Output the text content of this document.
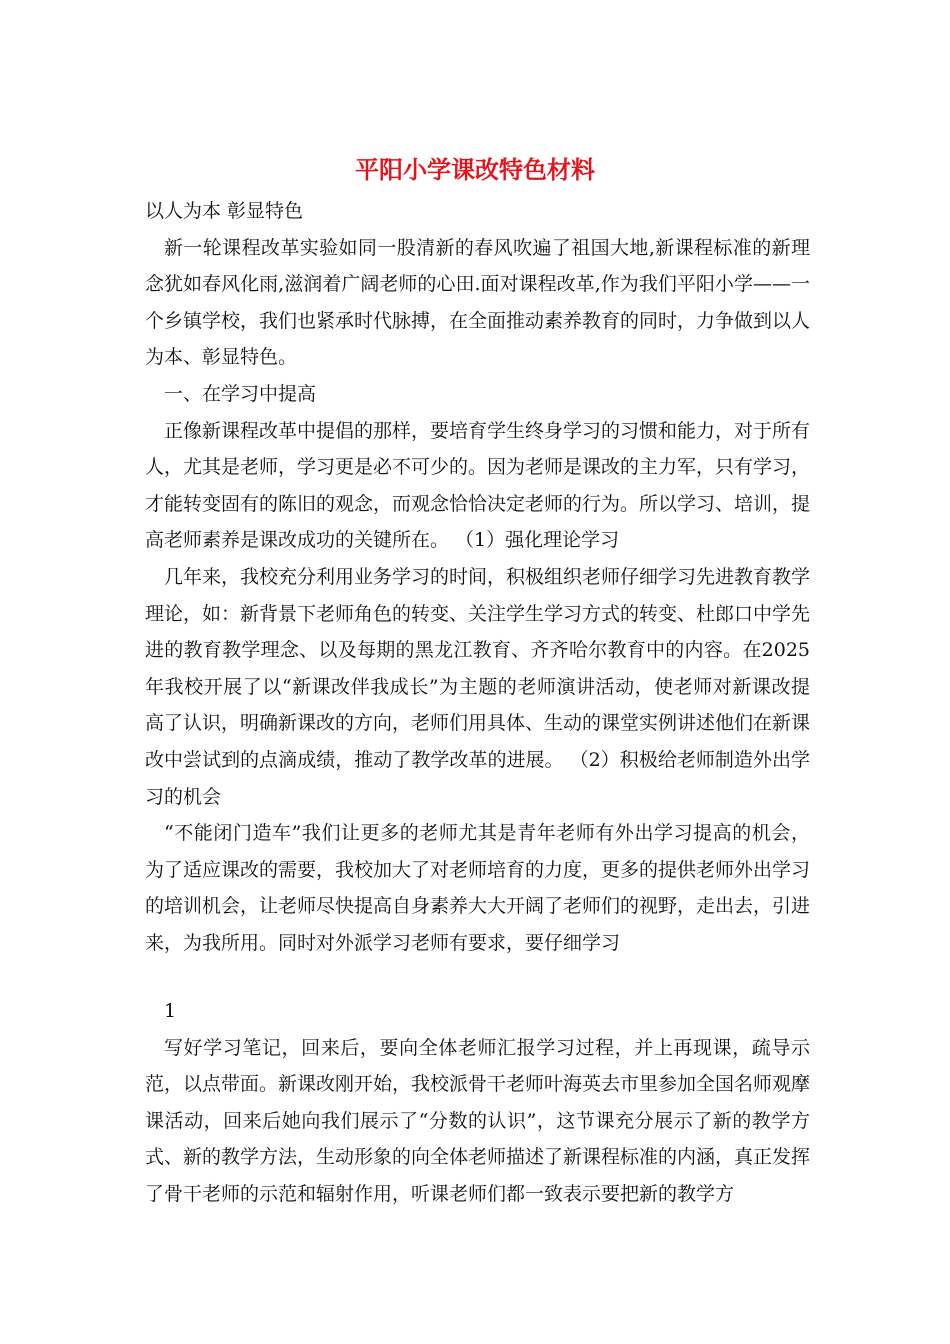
平阳小学课改特色材料

以人为本 彰显特色

新一轮课程改革实验如同一股清新的春风吹遍了祖国大地,新课程标准的新理念犹如春风化雨,滋润着广阔老师的心田.面对课程改革,作为我们平阳小学——一个乡镇学校，我们也紧承时代脉搏，在全面推动素养教育的同时，力争做到以人为本、彰显特色。

一、在学习中提高

正像新课程改革中提倡的那样，要培育学生终身学习的习惯和能力，对于所有人，尤其是老师，学习更是必不可少的。因为老师是课改的主力军，只有学习，才能转变固有的陈旧的观念，而观念恰恰决定老师的行为。所以学习、培训，提高老师素养是课改成功的关键所在。 （1）强化理论学习

几年来，我校充分利用业务学习的时间，积极组织老师仔细学习先进教育教学理论，如：新背景下老师角色的转变、关注学生学习方式的转变、杜郎口中学先进的教育教学理念、以及每期的黑龙江教育、齐齐哈尔教育中的内容。在2025年我校开展了以“新课改伴我成长”为主题的老师演讲活动，使老师对新课改提高了认识，明确新课改的方向，老师们用具体、生动的课堂实例讲述他们在新课改中尝试到的点滴成绩，推动了教学改革的进展。 （2）积极给老师制造外出学习的机会

“不能闭门造车”我们让更多的老师尤其是青年老师有外出学习提高的机会，为了适应课改的需要，我校加大了对老师培育的力度，更多的提供老师外出学习的培训机会，让老师尽快提高自身素养大大开阔了老师们的视野，走出去，引进来，为我所用。同时对外派学习老师有要求，要仔细学习

1

写好学习笔记，回来后，要向全体老师汇报学习过程，并上再现课，疏导示范，以点带面。新课改刚开始，我校派骨干老师叶海英去市里参加全国名师观摩课活动，回来后她向我们展示了“分数的认识”，这节课充分展示了新的教学方式、新的教学方法，生动形象的向全体老师描述了新课程标准的内涵，真正发挥了骨干老师的示范和辐射作用，听课老师们都一致表示要把新的教学方
